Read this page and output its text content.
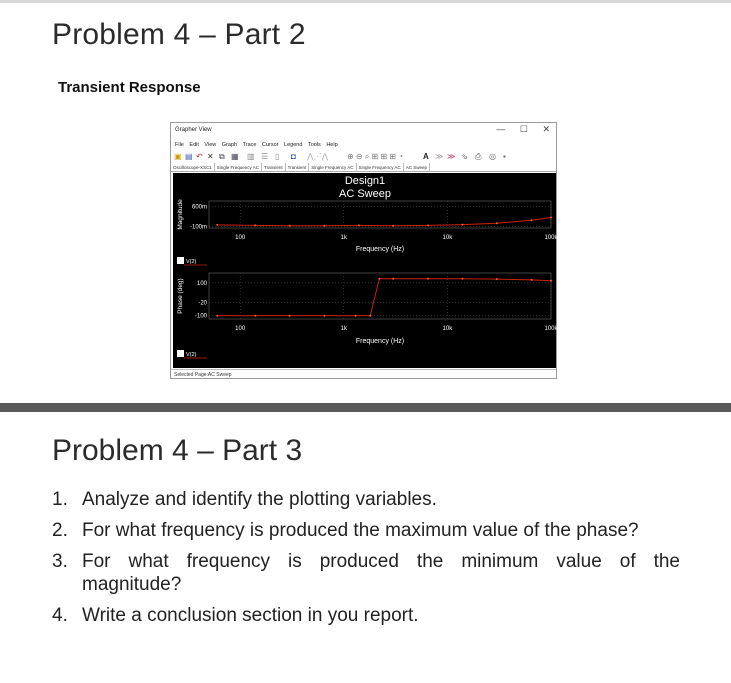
Problem 4 – Part 2
Transient Response
Grapher View	— ☐ ✕
File Edit View Graph Trace Cursor Legend Tools Help
▣ ▤ ↶ ✕ ⧉ ▦ ▥ ☰ ▯ ◘ ⋀⋰⋀ ⊕ ⊖ ⌕ ⊞ ⊞ ⊞ ◔ A ≫ ≫ ⇘ ⎙ ◎ ▪
Oscilloscope-XSC1 Single Frequency AC Transient Transient Single Frequency AC Single Frequency AC AC Sweep
Design1
AC Sweep
100	1k	10k	100k
600m
-100m
Frequency (Hz)
Magnitude
V(2)
100	1k	10k	100k
100
-20
-100
Frequency (Hz)
Phase (deg)
V(2)
Selected Page:AC Sweep
Problem 4 – Part 3
1. Analyze and identify the plotting variables.
2. For what frequency is produced the maximum value of the phase?
3. For what frequency is produced the minimum value of the
magnitude?
4. Write a conclusion section in you report.
